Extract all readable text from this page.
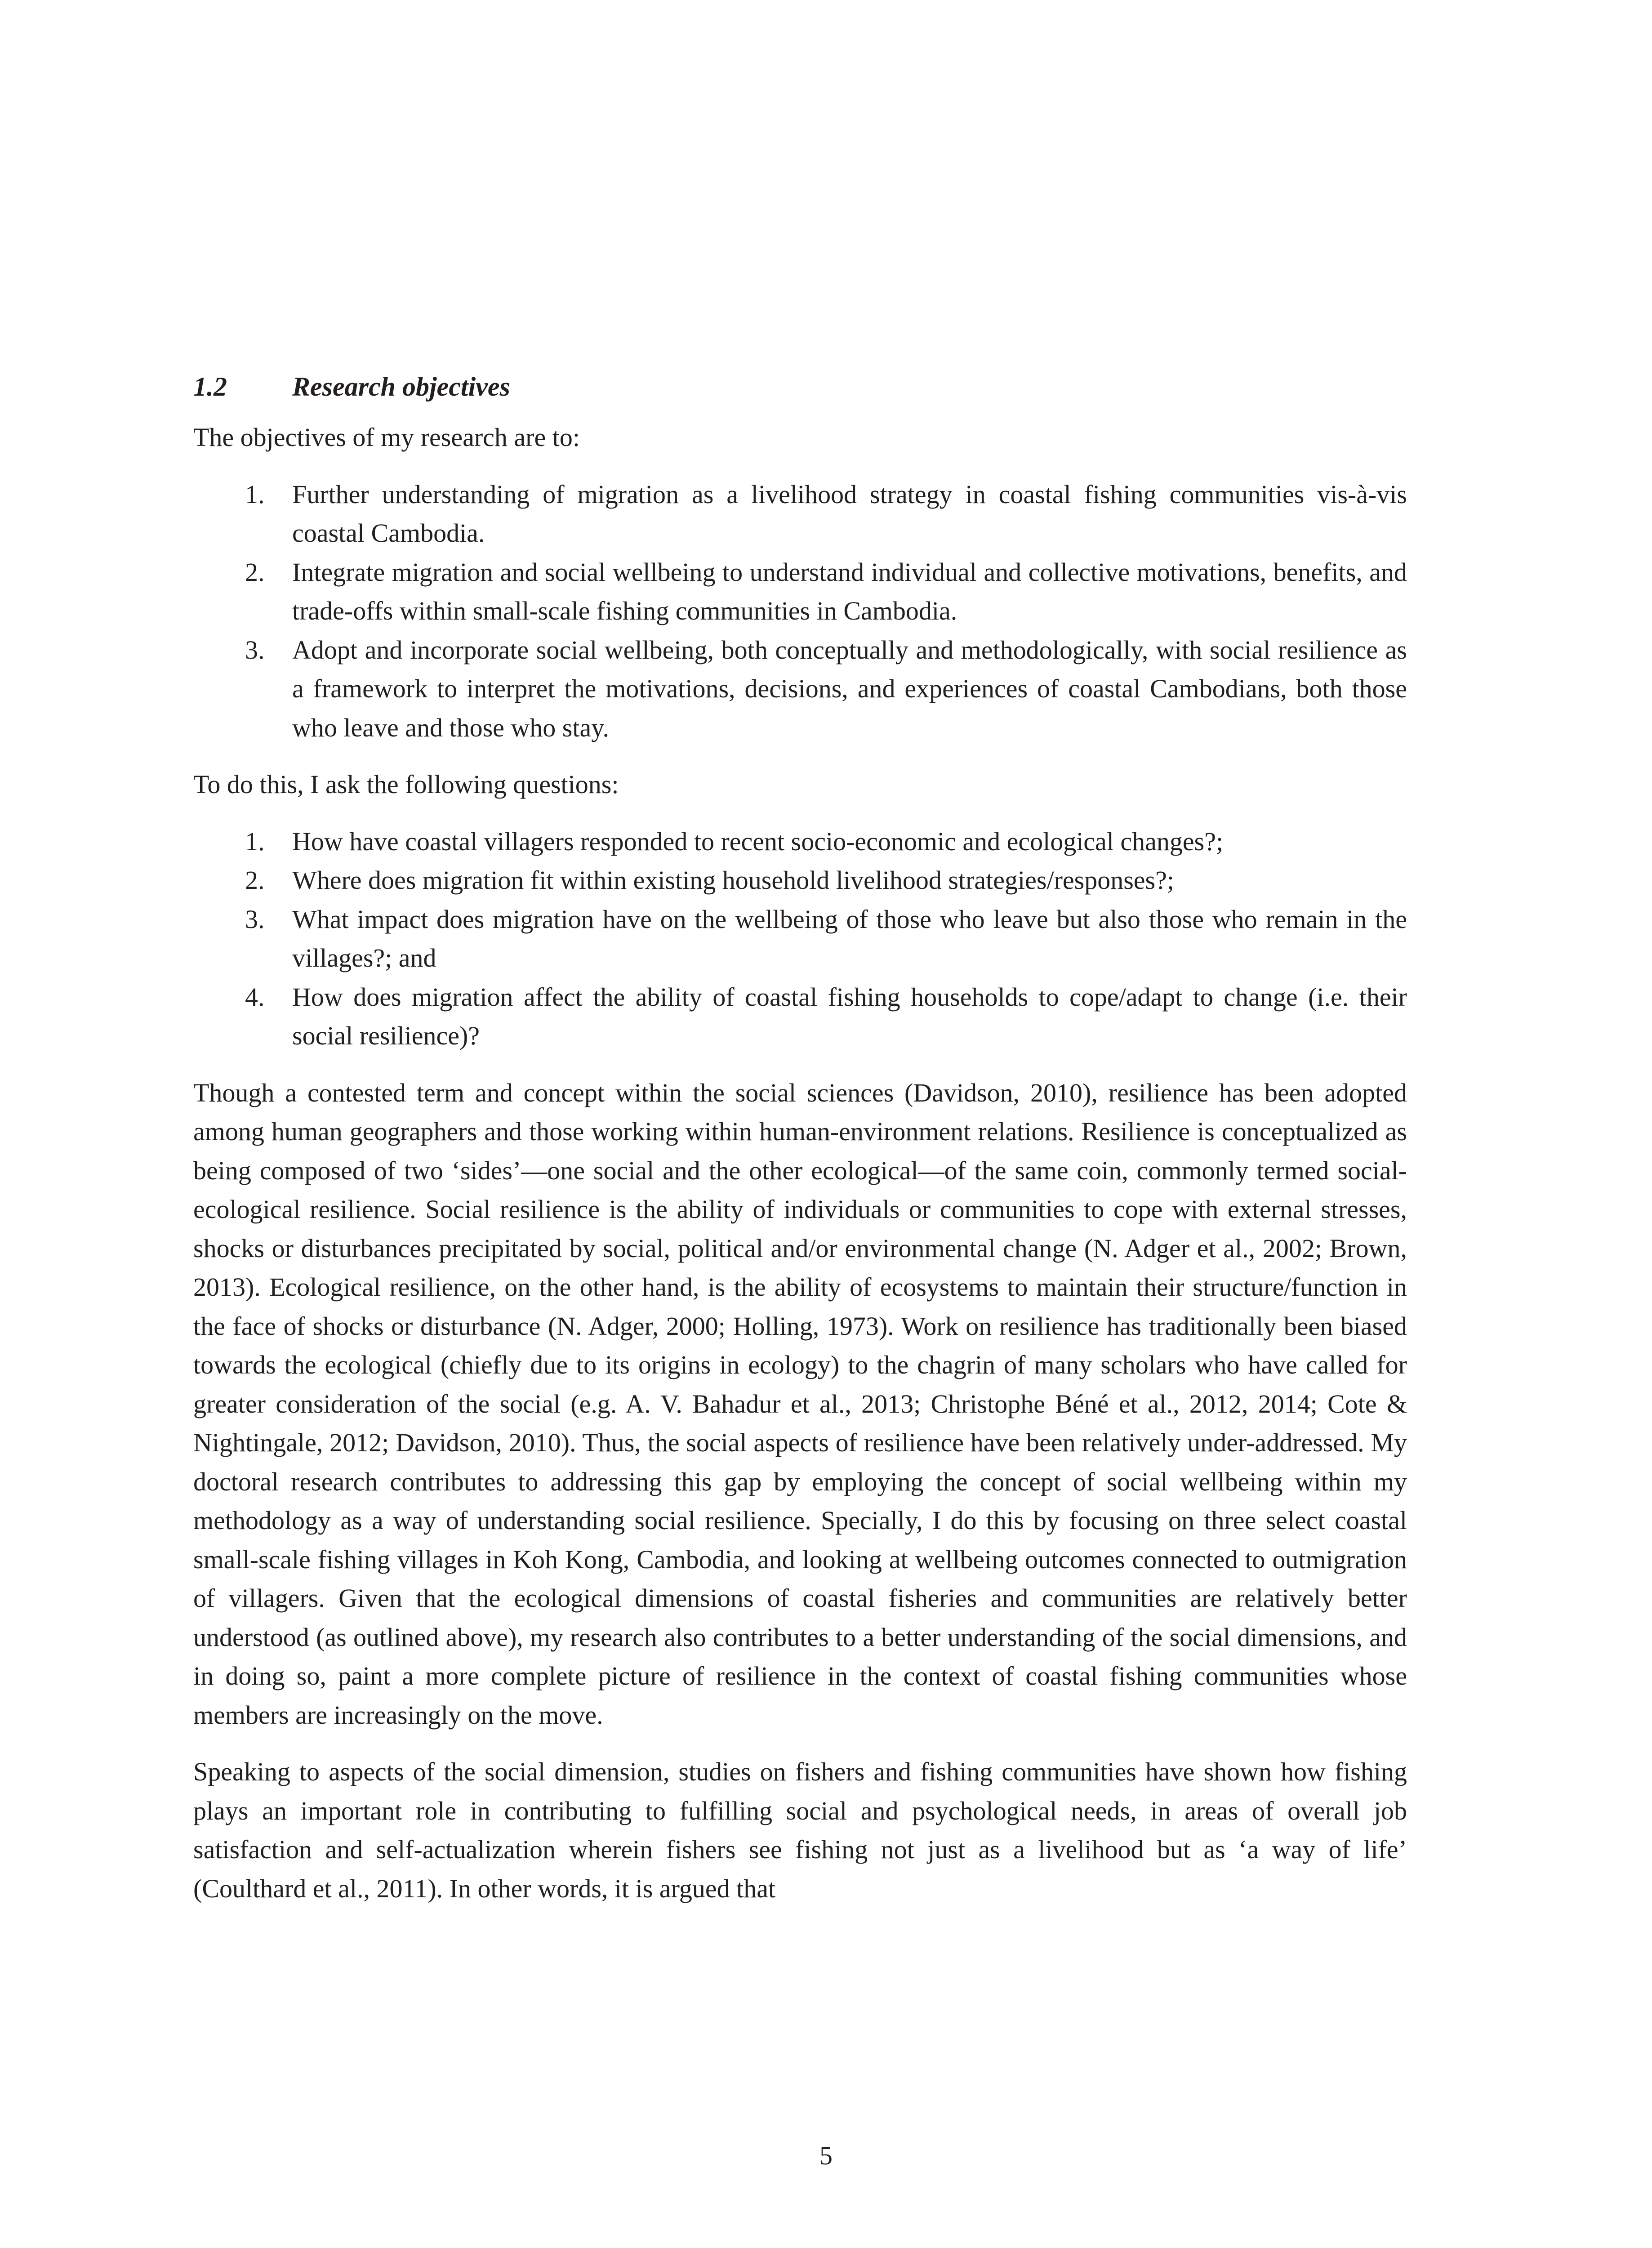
1.2 Research objectives

The objectives of my research are to:

1. Further understanding of migration as a livelihood strategy in coastal fishing communities vis-à-vis coastal Cambodia.
2. Integrate migration and social wellbeing to understand individual and collective motivations, benefits, and trade-offs within small-scale fishing communities in Cambodia.
3. Adopt and incorporate social wellbeing, both conceptually and methodologically, with social resilience as a framework to interpret the motivations, decisions, and experiences of coastal Cambodians, both those who leave and those who stay.

To do this, I ask the following questions:

1. How have coastal villagers responded to recent socio-economic and ecological changes?;
2. Where does migration fit within existing household livelihood strategies/responses?;
3. What impact does migration have on the wellbeing of those who leave but also those who remain in the villages?; and
4. How does migration affect the ability of coastal fishing households to cope/adapt to change (i.e. their social resilience)?

Though a contested term and concept within the social sciences (Davidson, 2010), resilience has been adopted among human geographers and those working within human-environment relations. Resilience is conceptualized as being composed of two ‘sides’—one social and the other ecological—of the same coin, commonly termed social-ecological resilience. Social resilience is the ability of individuals or communities to cope with external stresses, shocks or disturbances precipitated by social, political and/or environmental change (N. Adger et al., 2002; Brown, 2013). Ecological resilience, on the other hand, is the ability of ecosystems to maintain their structure/function in the face of shocks or disturbance (N. Adger, 2000; Holling, 1973). Work on resilience has traditionally been biased towards the ecological (chiefly due to its origins in ecology) to the chagrin of many scholars who have called for greater consideration of the social (e.g. A. V. Bahadur et al., 2013; Christophe Béné et al., 2012, 2014; Cote & Nightingale, 2012; Davidson, 2010). Thus, the social aspects of resilience have been relatively under-addressed. My doctoral research contributes to addressing this gap by employing the concept of social wellbeing within my methodology as a way of understanding social resilience. Specially, I do this by focusing on three select coastal small-scale fishing villages in Koh Kong, Cambodia, and looking at wellbeing outcomes connected to outmigration of villagers. Given that the ecological dimensions of coastal fisheries and communities are relatively better understood (as outlined above), my research also contributes to a better understanding of the social dimensions, and in doing so, paint a more complete picture of resilience in the context of coastal fishing communities whose members are increasingly on the move.

Speaking to aspects of the social dimension, studies on fishers and fishing communities have shown how fishing plays an important role in contributing to fulfilling social and psychological needs, in areas of overall job satisfaction and self-actualization wherein fishers see fishing not just as a livelihood but as ‘a way of life’ (Coulthard et al., 2011). In other words, it is argued that

5
